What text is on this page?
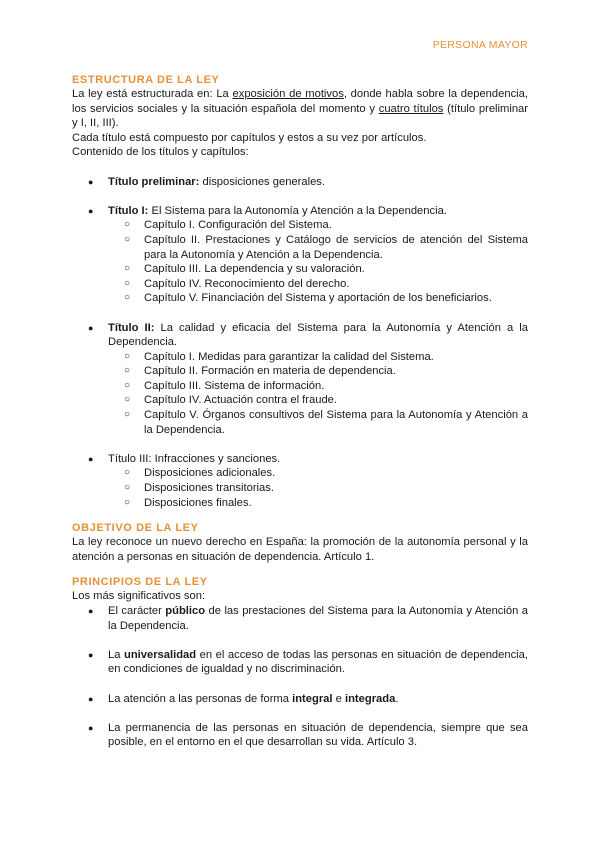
PERSONA MAYOR
ESTRUCTURA DE LA LEY

La ley está estructurada en: La exposición de motivos, donde habla sobre la dependencia, los servicios sociales y la situación española del momento y cuatro títulos (título preliminar y I, II, III).

Cada título está compuesto por capítulos y estos a su vez por artículos.

Contenido de los títulos y capítulos:

● Título preliminar: disposiciones generales.
● Título I: El Sistema para la Autonomía y Atención a la Dependencia.
○ Capítulo I. Configuración del Sistema.
○ Capítulo II. Prestaciones y Catálogo de servicios de atención del Sistema para la Autonomía y Atención a la Dependencia.
○ Capítulo III. La dependencia y su valoración.
○ Capítulo IV. Reconocimiento del derecho.
○ Capítulo V. Financiación del Sistema y aportación de los beneficiarios.
● Título II: La calidad y eficacia del Sistema para la Autonomía y Atención a la Dependencia.
○ Capítulo I. Medidas para garantizar la calidad del Sistema.
○ Capítulo II. Formación en materia de dependencia.
○ Capítulo III. Sistema de información.
○ Capítulo IV. Actuación contra el fraude.
○ Capítulo V. Órganos consultivos del Sistema para la Autonomía y Atención a la Dependencia.
● Título III: Infracciones y sanciones.
○ Disposiciones adicionales.
○ Disposiciones transitorias.
○ Disposiciones finales.
OBJETIVO DE LA LEY

La ley reconoce un nuevo derecho en España: la promoción de la autonomía personal y la atención a personas en situación de dependencia. Artículo 1.

PRINCIPIOS DE LA LEY

Los más significativos son:

● El carácter público de las prestaciones del Sistema para la Autonomía y Atención a la Dependencia.
● La universalidad en el acceso de todas las personas en situación de dependencia, en condiciones de igualdad y no discriminación.
● La atención a las personas de forma integral e integrada.
● La permanencia de las personas en situación de dependencia, siempre que sea posible, en el entorno en el que desarrollan su vida. Artículo 3.
